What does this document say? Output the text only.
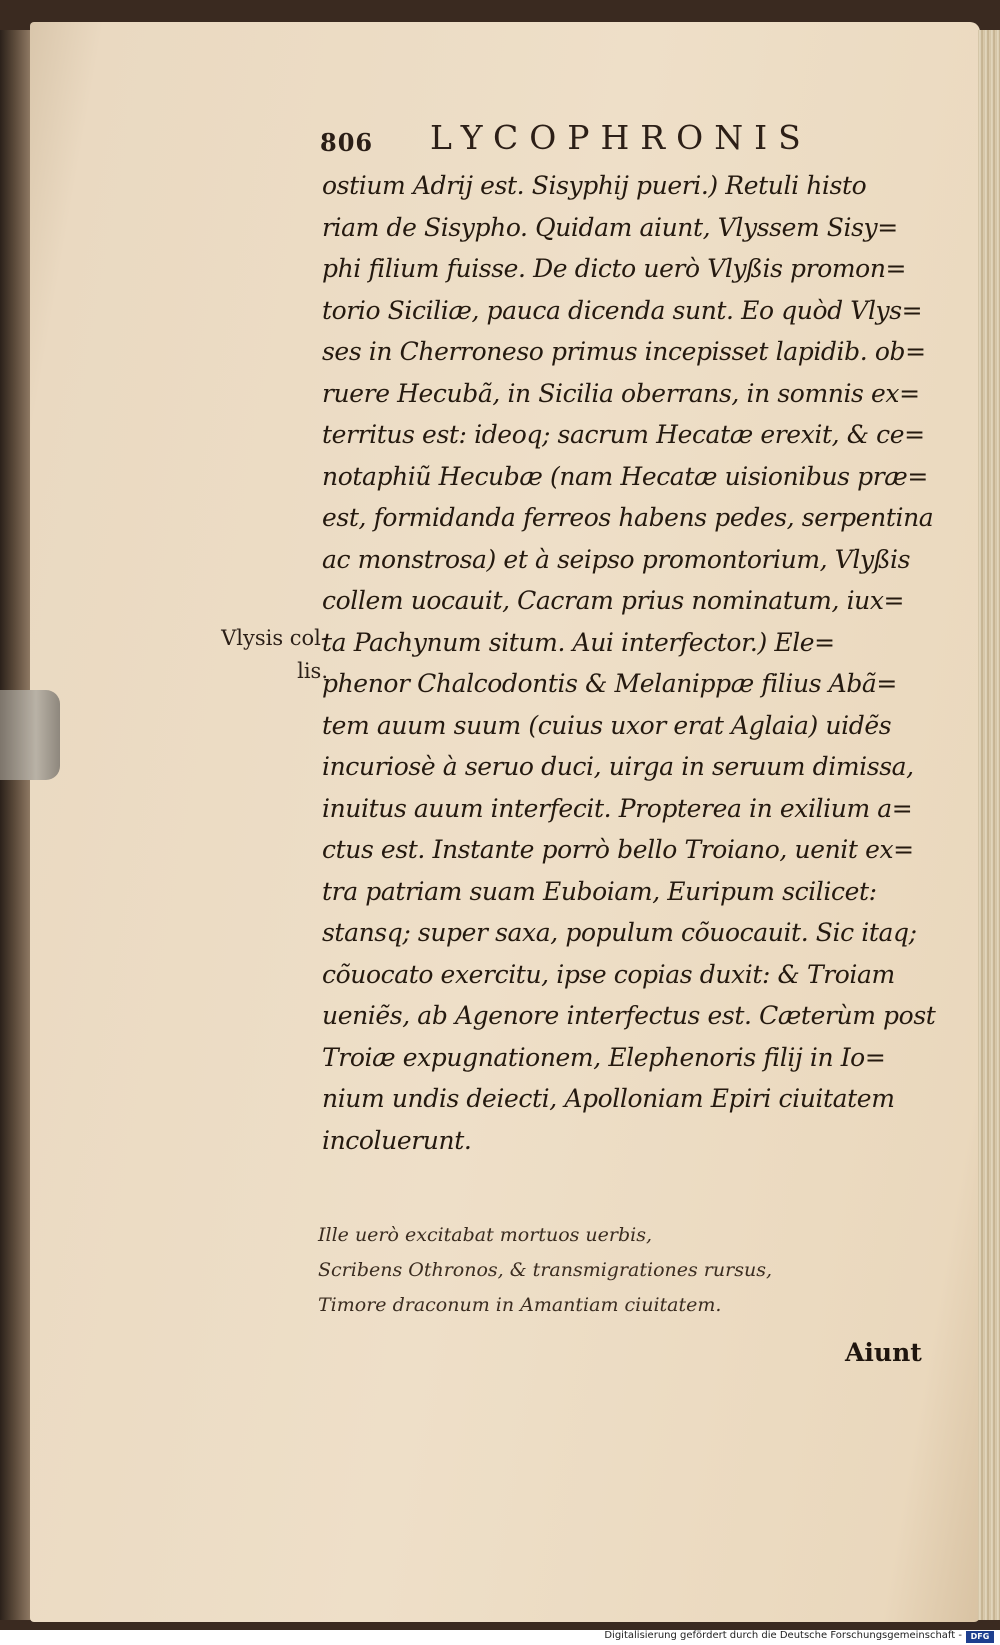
806 LYCOPHRONIS
Vlysis col-
lis.
ostium Adrij est. Sisyphij pueri.) Retuli histo
riam de Sisypho. Quidam aiunt, Vlyssem Sisy=
phi filium fuisse. De dicto uerò Vlyßis promon=
torio Siciliæ, pauca dicenda sunt. Eo quòd Vlys=
ses in Cherroneso primus incepisset lapidib. ob=
ruere Hecubã, in Sicilia oberrans, in somnis ex=
territus est: ideoq; sacrum Hecatæ erexit, & ce=
notaphiũ Hecubæ (nam Hecatæ uisionibus præ=
est, formidanda ferreos habens pedes, serpentina
ac monstrosa) et à seipso promontorium, Vlyßis
collem uocauit, Cacram prius nominatum, iux=
ta Pachynum situm. Aui interfector.) Ele=
phenor Chalcodontis & Melanippæ filius Abã=
tem auum suum (cuius uxor erat Aglaia) uidẽs
incuriosè à seruo duci, uirga in seruum dimissa,
inuitus auum interfecit. Propterea in exilium a=
ctus est. Instante porrò bello Troiano, uenit ex=
tra patriam suam Euboiam, Euripum scilicet:
stansq; super saxa, populum cõuocauit. Sic itaq;
cõuocato exercitu, ipse copias duxit: & Troiam
ueniẽs, ab Agenore interfectus est. Cæterùm post
Troiæ expugnationem, Elephenoris filij in Io=
nium undis deiecti, Apolloniam Epiri ciuitatem
incoluerunt.
Ille uerò excitabat mortuos uerbis,
Scribens Othronos, & transmigrationes rursus,
Timore draconum in Amantiam ciuitatem.
Aiunt
Digitalisierung gefördert durch die Deutsche Forschungsgemeinschaft -	DFG
